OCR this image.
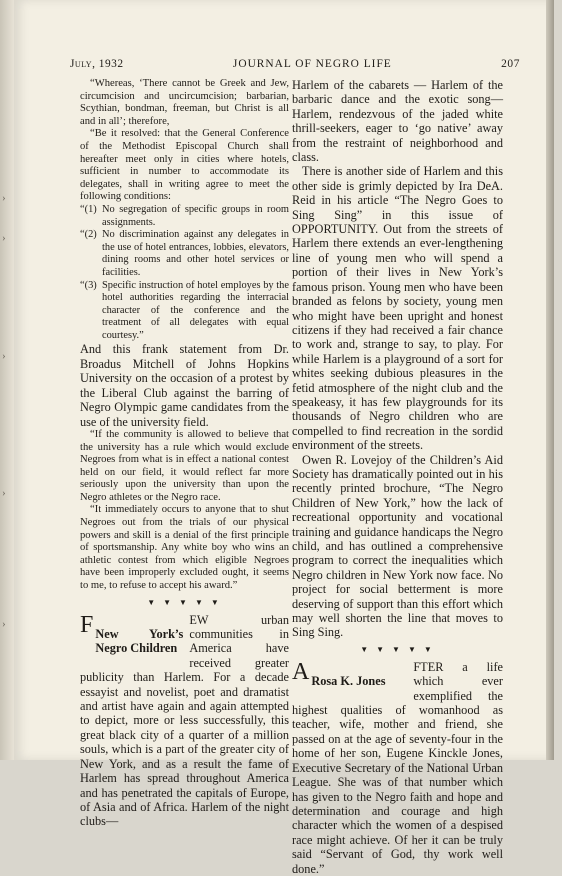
›
›
›
›
›
July, 1932	JOURNAL OF NEGRO LIFE	207

“Whereas, ‘There cannot be Greek and Jew, circumcision and uncircumcision; barbarian, Scythian, bondman, freeman, but Christ is all and in all’; therefore,

“Be it resolved: that the General Conference of the Methodist Episcopal Church shall hereafter meet only in cities where hotels, sufficient in number to accommodate its delegates, shall in writing agree to meet the following conditions:

“(1) No segregation of specific groups in room assignments.
“(2) No discrimination against any delegates in the use of hotel entrances, lobbies, elevators, dining rooms and other hotel services or facilities.
“(3) Specific instruction of hotel employes by the hotel authorities regarding the interracial character of the conference and the treatment of all delegates with equal courtesy.”

And this frank statement from Dr. Broadus Mitchell of Johns Hopkins University on the occasion of a protest by the Liberal Club against the barring of Negro Olympic game candidates from the use of the university field.

“If the community is allowed to believe that the university has a rule which would exclude Negroes from what is in effect a national contest held on our field, it would reflect far more seriously upon the university than upon the Negro athletes or the Negro race.

“It immediately occurs to anyone that to shut Negroes out from the trials of our physical powers and skill is a denial of the first principle of sportsmanship. Any white boy who wins an athletic contest from which eligible Negroes have been improperly excluded ought, it seems to me, to refuse to accept his award.”

▼ ▼ ▼ ▼ ▼
F New York’s Negro Children
EW urban communities in America have received greater publicity than Harlem. For a decade essayist and novelist, poet and dramatist and artist have again and again attempted to depict, more or less successfully, this great black city of a quarter of a million souls, which is a part of the greater city of New York, and as a result the fame of Harlem has spread throughout America and has penetrated the capitals of Europe, of Asia and of Africa. Harlem of the night clubs—

Harlem of the cabarets — Harlem of the barbaric dance and the exotic song—Harlem, rendezvous of the jaded white thrill-seekers, eager to ‘go native’ away from the restraint of neighborhood and class.

There is another side of Harlem and this other side is grimly depicted by Ira DeA. Reid in his article “The Negro Goes to Sing Sing” in this issue of OPPORTUNITY. Out from the streets of Harlem there extends an ever-lengthening line of young men who will spend a portion of their lives in New York’s famous prison. Young men who have been branded as felons by society, young men who might have been upright and honest citizens if they had received a fair chance to work and, strange to say, to play. For while Harlem is a playground of a sort for whites seeking dubious pleasures in the fetid atmosphere of the night club and the speakeasy, it has few playgrounds for its thousands of Negro children who are compelled to find recreation in the sordid environment of the streets.

Owen R. Lovejoy of the Children’s Aid Society has dramatically pointed out in his recently printed brochure, “The Negro Children of New York,” how the lack of recreational opportunity and vocational training and guidance handicaps the Negro child, and has outlined a comprehensive program to correct the inequalities which Negro children in New York now face. No project for social betterment is more deserving of support than this effort which may well shorten the line that moves to Sing Sing.

▼ ▼ ▼ ▼ ▼
A Rosa K. Jones
FTER a life which ever exemplified the highest qualities of womanhood as teacher, wife, mother and friend, she passed on at the age of seventy-four in the home of her son, Eugene Kinckle Jones, Executive Secretary of the National Urban League. She was of that number which has given to the Negro faith and hope and determination and courage and high character which the women of a despised race might achieve. Of her it can be truly said “Servant of God, thy work well done.”
